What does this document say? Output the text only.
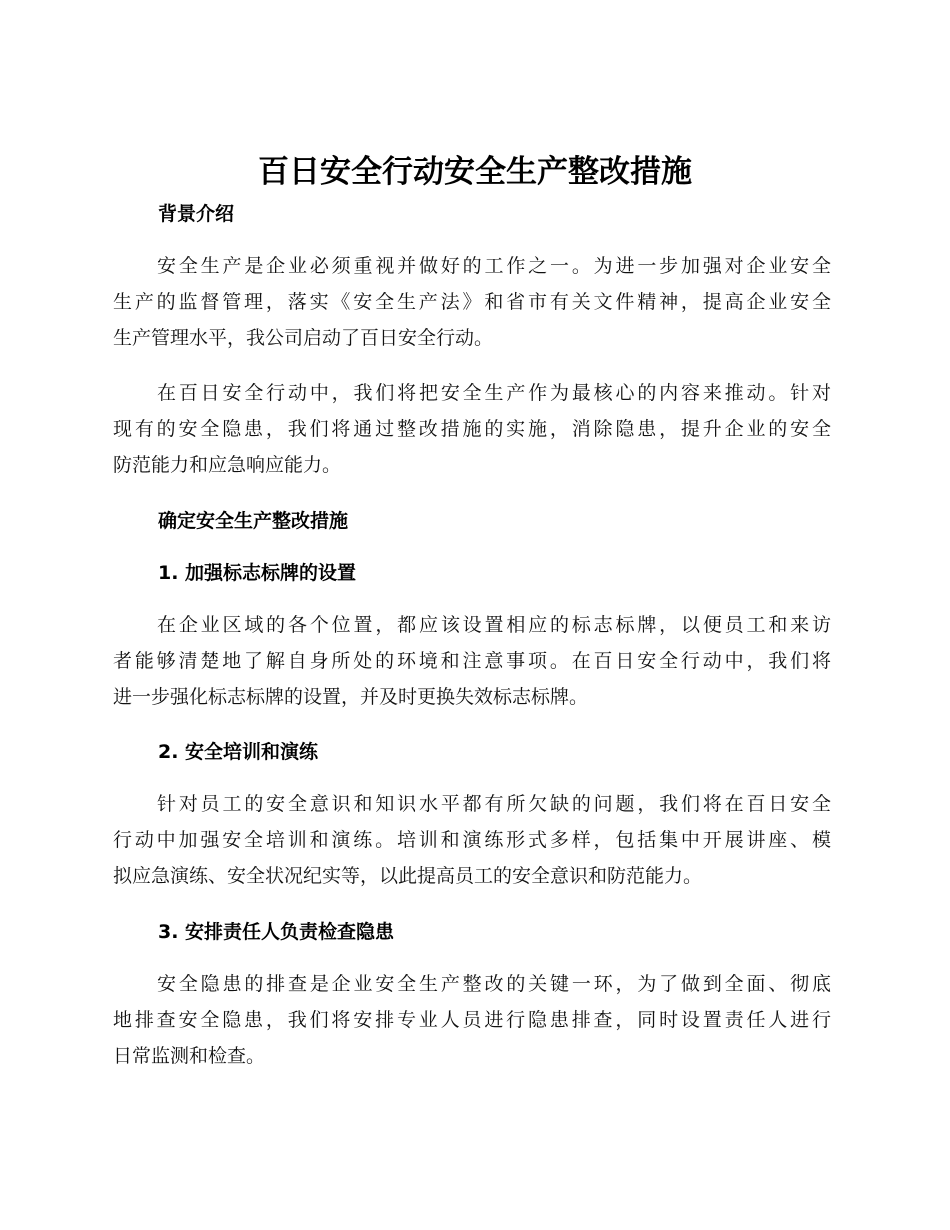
百日安全行动安全生产整改措施
背景介绍
安全生产是企业必须重视并做好的工作之一。为进一步加强对企业安全
生产的监督管理，落实《安全生产法》和省市有关文件精神，提高企业安全
生产管理水平，我公司启动了百日安全行动。
在百日安全行动中，我们将把安全生产作为最核心的内容来推动。针对
现有的安全隐患，我们将通过整改措施的实施，消除隐患，提升企业的安全
防范能力和应急响应能力。
确定安全生产整改措施
1. 加强标志标牌的设置
在企业区域的各个位置，都应该设置相应的标志标牌，以便员工和来访
者能够清楚地了解自身所处的环境和注意事项。在百日安全行动中，我们将
进一步强化标志标牌的设置，并及时更换失效标志标牌。
2. 安全培训和演练
针对员工的安全意识和知识水平都有所欠缺的问题，我们将在百日安全
行动中加强安全培训和演练。培训和演练形式多样，包括集中开展讲座、模
拟应急演练、安全状况纪实等，以此提高员工的安全意识和防范能力。
3. 安排责任人负责检查隐患
安全隐患的排查是企业安全生产整改的关键一环，为了做到全面、彻底
地排查安全隐患，我们将安排专业人员进行隐患排查，同时设置责任人进行
日常监测和检查。
